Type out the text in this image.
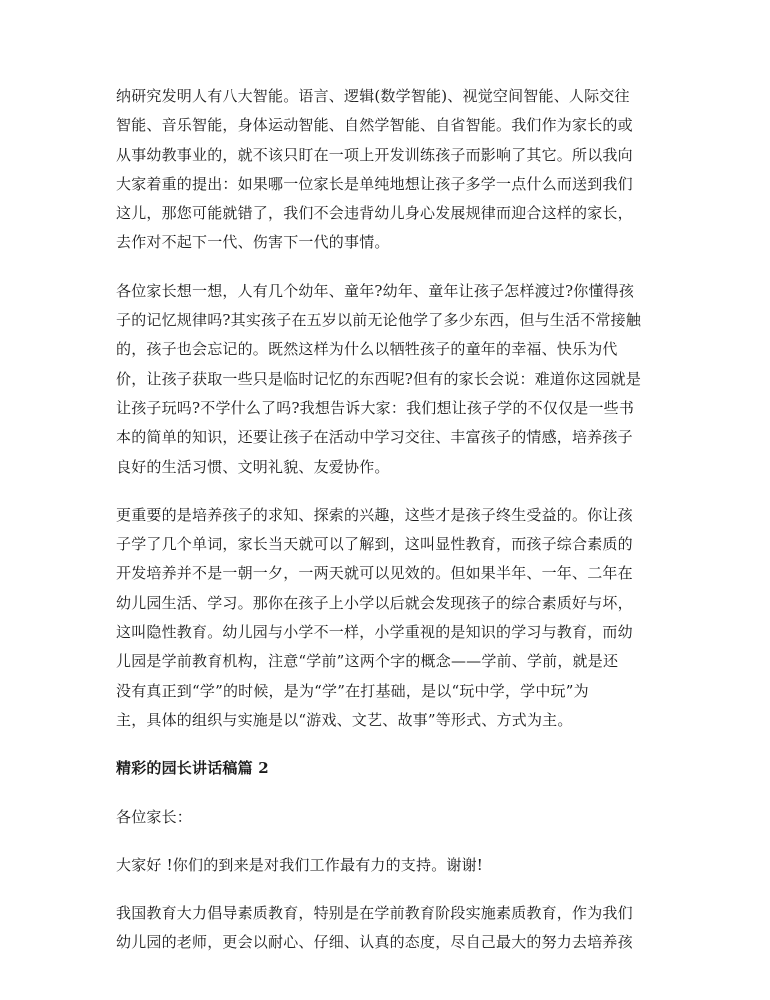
纳研究发明人有八大智能。语言、逻辑(数学智能)、视觉空间智能、人际交往
智能、音乐智能，身体运动智能、自然学智能、自省智能。我们作为家长的或
从事幼教事业的，就不该只盯在一项上开发训练孩子而影响了其它。所以我向
大家着重的提出：如果哪一位家长是单纯地想让孩子多学一点什么而送到我们
这儿，那您可能就错了，我们不会违背幼儿身心发展规律而迎合这样的家长，
去作对不起下一代、伤害下一代的事情。
各位家长想一想，人有几个幼年、童年?幼年、童年让孩子怎样渡过?你懂得孩
子的记忆规律吗?其实孩子在五岁以前无论他学了多少东西，但与生活不常接触
的，孩子也会忘记的。既然这样为什么以牺牲孩子的童年的幸福、快乐为代
价，让孩子获取一些只是临时记忆的东西呢?但有的家长会说：难道你这园就是
让孩子玩吗?不学什么了吗?我想告诉大家：我们想让孩子学的不仅仅是一些书
本的简单的知识，还要让孩子在活动中学习交往、丰富孩子的情感，培养孩子
良好的生活习惯、文明礼貌、友爱协作。
更重要的是培养孩子的求知、探索的兴趣，这些才是孩子终生受益的。你让孩
子学了几个单词，家长当天就可以了解到，这叫显性教育，而孩子综合素质的
开发培养并不是一朝一夕，一两天就可以见效的。但如果半年、一年、二年在
幼儿园生活、学习。那你在孩子上小学以后就会发现孩子的综合素质好与坏，
这叫隐性教育。幼儿园与小学不一样，小学重视的是知识的学习与教育，而幼
儿园是学前教育机构，注意“学前”这两个字的概念——学前、学前，就是还
没有真正到“学”的时候，是为“学”在打基础，是以“玩中学，学中玩”为
主，具体的组织与实施是以“游戏、文艺、故事”等形式、方式为主。
精彩的园长讲话稿篇 2
各位家长：
大家好 !你们的到来是对我们工作最有力的支持。谢谢!
我国教育大力倡导素质教育，特别是在学前教育阶段实施素质教育，作为我们
幼儿园的老师，更会以耐心、仔细、认真的态度，尽自己最大的努力去培养孩
